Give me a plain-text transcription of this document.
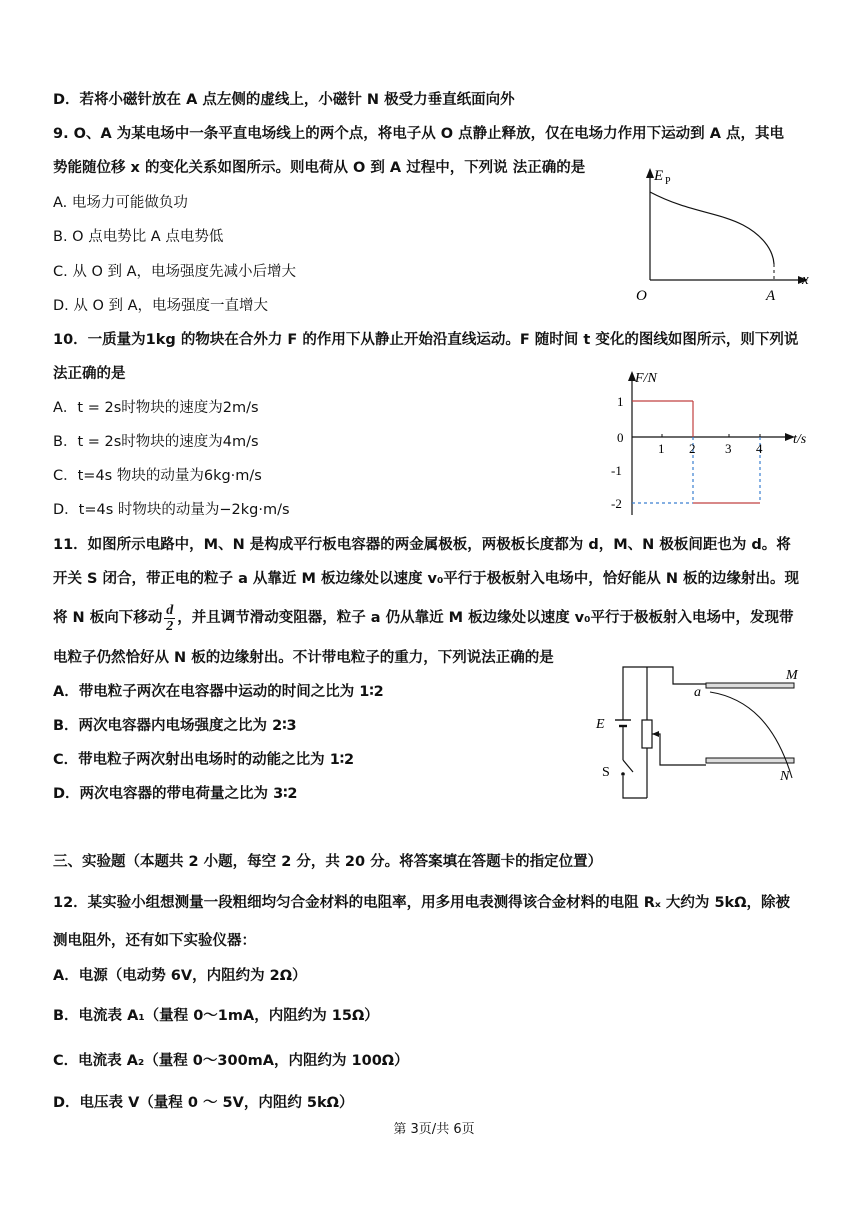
D．若将小磁针放在 A 点左侧的虚线上，小磁针 N 极受力垂直纸面向外
9. O、A 为某电场中一条平直电场线上的两个点，将电子从 O 点静止释放，仅在电场力作用下运动到 A 点，其电
势能随位移 x 的变化关系如图所示。则电荷从 O 到 A 过程中，下列说 法正确的是
A. 电场力可能做负功
B. O 点电势比 A 点电势低
C. 从 O 到 A，电场强度先减小后增大
D. 从 O 到 A，电场强度一直增大
E P
x
O	A
10．一质量为1kg 的物块在合外力 F 的作用下从静止开始沿直线运动。F 随时间 t 变化的图线如图所示，则下列说
法正确的是
A．t = 2s时物块的速度为2m/s
B．t = 2s时物块的速度为4m/s
C．t=4s 物块的动量为6kg·m/s
D．t=4s 时物块的动量为−2kg·m/s
F/N
t/s
1
0
-1
-2
1 2 3 4
11．如图所示电路中，M、N 是构成平行板电容器的两金属极板，两极板长度都为 d，M、N 极板间距也为 d。将
开关 S 闭合，带正电的粒子 a 从靠近 M 板边缘处以速度 v₀平行于极板射入电场中，恰好能从 N 板的边缘射出。现
将 N 板向下移动 $\frac{d}{2}$ ，并且调节滑动变阻器，粒子 a 仍从靠近 M 板边缘处以速度 v₀平行于极板射入电场中，发现带
电粒子仍然恰好从 N 板的边缘射出。不计带电粒子的重力，下列说法正确的是
A．带电粒子两次在电容器中运动的时间之比为 1∶2
B．两次电容器内电场强度之比为 2∶3
C．带电粒子两次射出电场时的动能之比为 1∶2
D．两次电容器的带电荷量之比为 3∶2
M
N
a
E
S
三、实验题（本题共 2 小题，每空 2 分，共 20 分。将答案填在答题卡的指定位置）
12．某实验小组想测量一段粗细均匀合金材料的电阻率，用多用电表测得该合金材料的电阻 Rₓ 大约为 5kΩ，除被
测电阻外，还有如下实验仪器：
A．电源（电动势 6V，内阻约为 2Ω）
B．电流表 A₁（量程 0～1mA，内阻约为 15Ω）
C．电流表 A₂（量程 0～300mA，内阻约为 100Ω）
D．电压表 V（量程 0 ～ 5V，内阻约 5kΩ）
第 3页/共 6页
